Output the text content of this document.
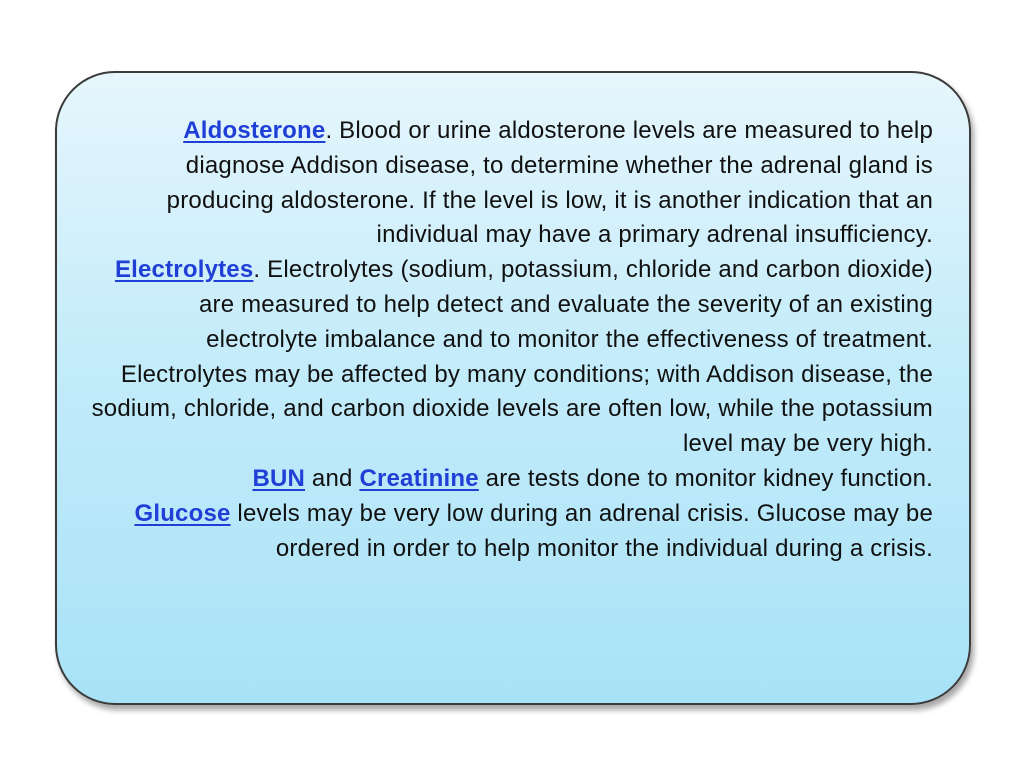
Aldosterone. Blood or urine aldosterone levels are measured to help diagnose Addison disease, to determine whether the adrenal gland is producing aldosterone. If the level is low, it is another indication that an individual may have a primary adrenal insufficiency.

Electrolytes. Electrolytes (sodium, potassium, chloride and carbon dioxide) are measured to help detect and evaluate the severity of an existing electrolyte imbalance and to monitor the effectiveness of treatment. Electrolytes may be affected by many conditions; with Addison disease, the sodium, chloride, and carbon dioxide levels are often low, while the potassium level may be very high.

BUN and Creatinine are tests done to monitor kidney function.

Glucose levels may be very low during an adrenal crisis. Glucose may be ordered in order to help monitor the individual during a crisis.
